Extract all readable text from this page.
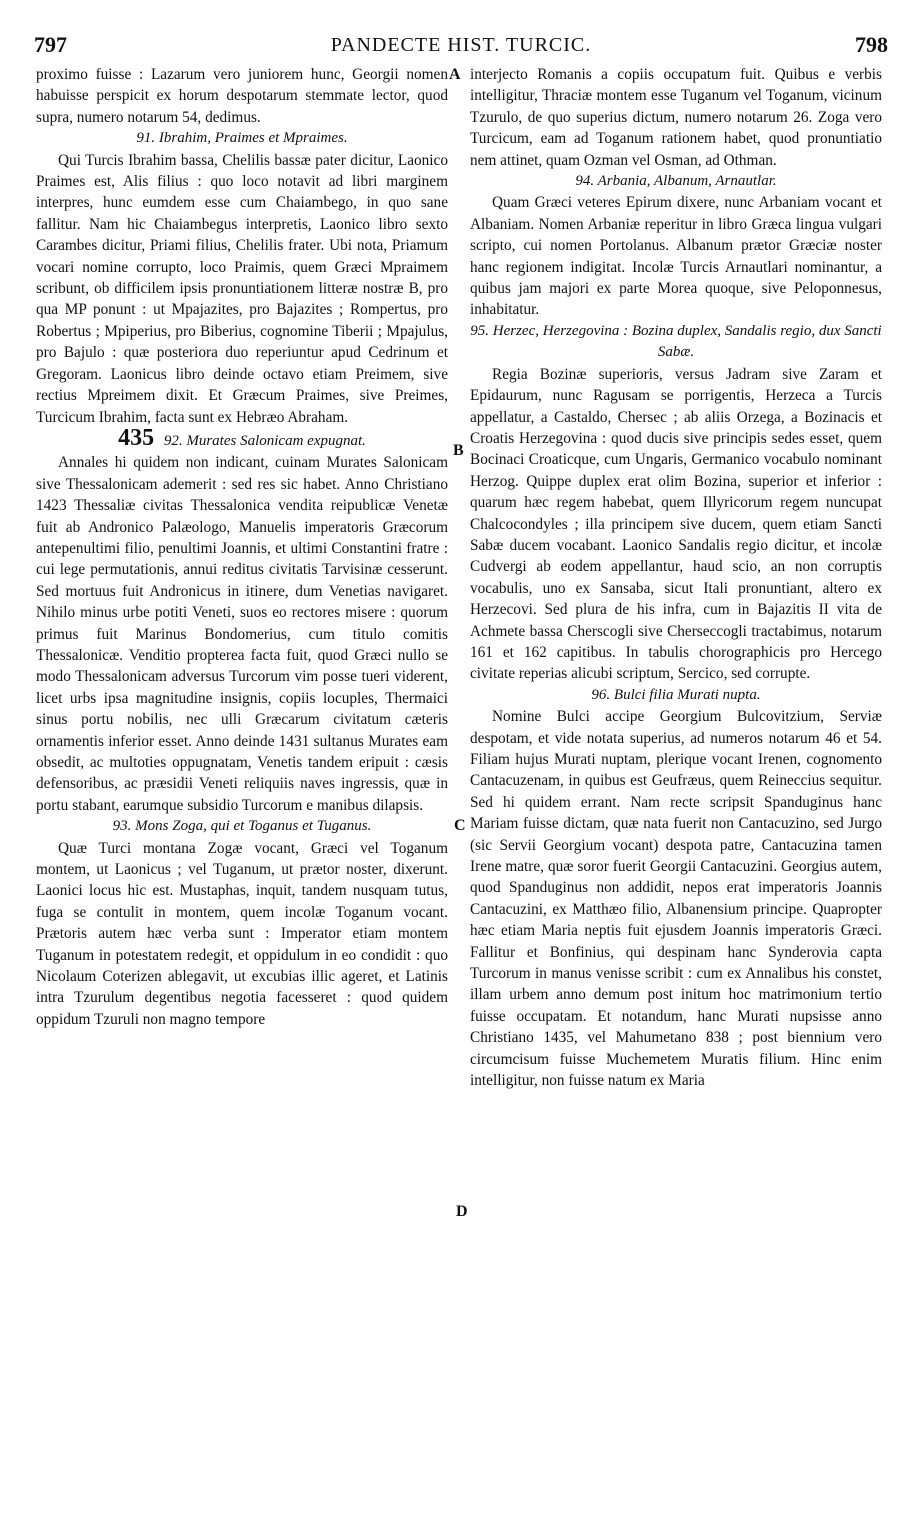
797	PANDECTE HIST. TURCIC.	798

proximo fuisse : Lazarum vero juniorem hunc, Georgii nomen habuisse perspicit ex horum despotarum stemmate lector, quod supra, numero notarum 54, dedimus.

91. Ibrahim, Praimes et Mpraimes.

Qui Turcis Ibrahim bassa, Chelilis bassæ pater dicitur, Laonico Praimes est, Alis filius : quo loco notavit ad libri marginem interpres, hunc eumdem esse cum Chaiambego, in quo sane fallitur. Nam hic Chaiambegus interpretis, Laonico libro sexto Carambes dicitur, Priami filius, Chelilis frater. Ubi nota, Priamum vocari nomine corrupto, loco Praimis, quem Græci Mpraimem scribunt, ob difficilem ipsis pronuntiationem litteræ nostræ B, pro qua MP ponunt : ut Mpajazites, pro Bajazites ; Rompertus, pro Robertus ; Mpiperius, pro Biberius, cognomine Tiberii ; Mpajulus, pro Bajulo : quæ posteriora duo reperiuntur apud Cedrinum et Gregoram. Laonicus libro deinde octavo etiam Preimem, sive rectius Mpreimem dixit. Et Græcum Praimes, sive Preimes, Turcicum Ibrahim, facta sunt ex Hebræo Abraham.

435 92. Murates Salonicam expugnat.

Annales hi quidem non indicant, cuinam Murates Salonicam sive Thessalonicam ademerit : sed res sic habet. Anno Christiano 1423 Thessaliæ civitas Thessalonica vendita reipublicæ Venetæ fuit ab Andronico Palæologo, Manuelis imperatoris Græcorum antepenultimi filio, penultimi Joannis, et ultimi Constantini fratre : cui lege permutationis, annui reditus civitatis Tarvisinæ cesserunt. Sed mortuus fuit Andronicus in itinere, dum Venetias navigaret. Nihilo minus urbe potiti Veneti, suos eo rectores misere : quorum primus fuit Marinus Bondomerius, cum titulo comitis Thessalonicæ. Venditio propterea facta fuit, quod Græci nullo se modo Thessalonicam adversus Turcorum vim posse tueri viderent, licet urbs ipsa magnitudine insignis, copiis locuples, Thermaici sinus portu nobilis, nec ulli Græcarum civitatum cæteris ornamentis inferior esset. Anno deinde 1431 sultanus Murates eam obsedit, ac multoties oppugnatam, Venetis tandem eripuit : cæsis defensoribus, ac præsidii Veneti reliquiis naves ingressis, quæ in portu stabant, earumque subsidio Turcorum e manibus dilapsis.

93. Mons Zoga, qui et Toganus et Tuganus.

Quæ Turci montana Zogæ vocant, Græci vel Toganum montem, ut Laonicus ; vel Tuganum, ut prætor noster, dixerunt. Laonici locus hic est. Mustaphas, inquit, tandem nusquam tutus, fuga se contulit in montem, quem incolæ Toganum vocant. Prætoris autem hæc verba sunt : Imperator etiam montem Tuganum in potestatem redegit, et oppidulum in eo condidit : quo Nicolaum Coterizen ablegavit, ut excubias illic ageret, et Latinis intra Tzurulum degentibus negotia facesseret : quod quidem oppidum Tzuruli non magno tempore

A
B
C
D

interjecto Romanis a copiis occupatum fuit. Quibus e verbis intelligitur, Thraciæ montem esse Tuganum vel Toganum, vicinum Tzurulo, de quo superius dictum, numero notarum 26. Zoga vero Turcicum, eam ad Toganum rationem habet, quod pronuntiatio nem attinet, quam Ozman vel Osman, ad Othman.

94. Arbania, Albanum, Arnautlar.

Quam Græci veteres Epirum dixere, nunc Arbaniam vocant et Albaniam. Nomen Arbaniæ reperitur in libro Græca lingua vulgari scripto, cui nomen Portolanus. Albanum prætor Græciæ noster hanc regionem indigitat. Incolæ Turcis Arnautlari nominantur, a quibus jam majori ex parte Morea quoque, sive Peloponnesus, inhabitatur.

95. Herzec, Herzegovina : Bozina duplex, Sandalis regio, dux Sancti Sabæ.

Regia Bozinæ superioris, versus Jadram sive Zaram et Epidaurum, nunc Ragusam se porrigentis, Herzeca a Turcis appellatur, a Castaldo, Chersec ; ab aliis Orzega, a Bozinacis et Croatis Herzegovina : quod ducis sive principis sedes esset, quem Bocinaci Croaticque, cum Ungaris, Germanico vocabulo nominant Herzog. Quippe duplex erat olim Bozina, superior et inferior : quarum hæc regem habebat, quem Illyricorum regem nuncupat Chalcocondyles ; illa principem sive ducem, quem etiam Sancti Sabæ ducem vocabant. Laonico Sandalis regio dicitur, et incolæ Cudvergi ab eodem appellantur, haud scio, an non corruptis vocabulis, uno ex Sansaba, sicut Itali pronuntiant, altero ex Herzecovi. Sed plura de his infra, cum in Bajazitis II vita de Achmete bassa Cherscogli sive Cherseccogli tractabimus, notarum 161 et 162 capitibus. In tabulis chorographicis pro Hercego civitate reperias alicubi scriptum, Sercico, sed corrupte.

96. Bulci filia Murati nupta.

Nomine Bulci accipe Georgium Bulcovitzium, Serviæ despotam, et vide notata superius, ad numeros notarum 46 et 54. Filiam hujus Murati nuptam, plerique vocant Irenen, cognomento Cantacuzenam, in quibus est Geufræus, quem Reineccius sequitur. Sed hi quidem errant. Nam recte scripsit Spanduginus hanc Mariam fuisse dictam, quæ nata fuerit non Cantacuzino, sed Jurgo (sic Servii Georgium vocant) despota patre, Cantacuzina tamen Irene matre, quæ soror fuerit Georgii Cantacuzini. Georgius autem, quod Spanduginus non addidit, nepos erat imperatoris Joannis Cantacuzini, ex Matthæo filio, Albanensium principe. Quapropter hæc etiam Maria neptis fuit ejusdem Joannis imperatoris Græci. Fallitur et Bonfinius, qui despinam hanc Synderovia capta Turcorum in manus venisse scribit : cum ex Annalibus his constet, illam urbem anno demum post initum hoc matrimonium tertio fuisse occupatam. Et notandum, hanc Murati nupsisse anno Christiano 1435, vel Mahumetano 838 ; post biennium vero circumcisum fuisse Muchemetem Muratis filium. Hinc enim intelligitur, non fuisse natum ex Maria
